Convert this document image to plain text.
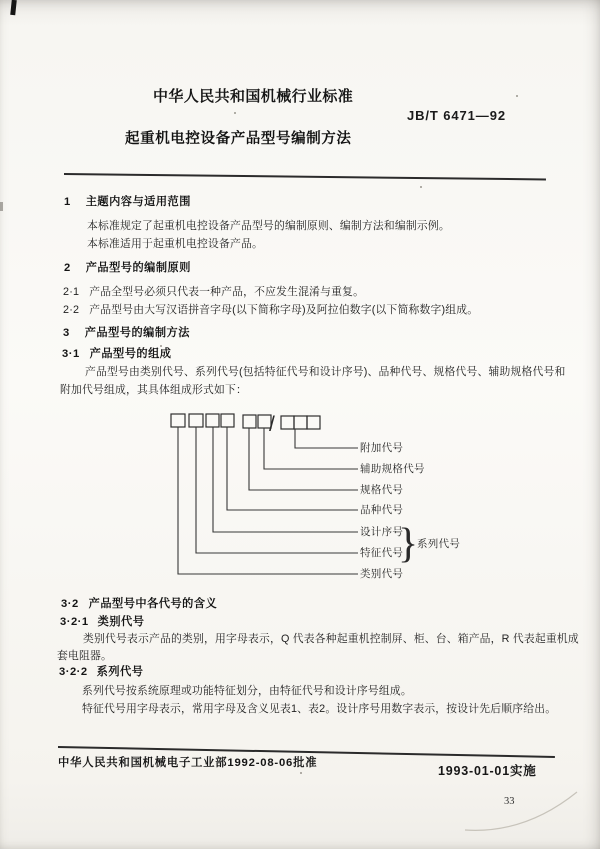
中华人民共和国机械行业标准
JB/T 6471—92
起重机电控设备产品型号编制方法
1 主题内容与适用范围
本标准规定了起重机电控设备产品型号的编制原则、编制方法和编制示例。
本标准适用于起重机电控设备产品。
2 产品型号的编制原则
2·1 产品全型号必须只代表一种产品，不应发生混淆与重复。
2·2 产品型号由大写汉语拼音字母(以下简称字母)及阿拉伯数字(以下简称数字)组成。
3 产品型号的编制方法
3·1 产品型号的组成
产品型号由类别代号、系列代号(包括特征代号和设计序号)、品种代号、规格代号、辅助规格代号和
附加代号组成，其具体组成形式如下：
/
}
附加代号
辅助规格代号
规格代号
品种代号
设计序号
特征代号
系列代号
类别代号
3·2 产品型号中各代号的含义
3·2·1 类别代号
类别代号表示产品的类别，用字母表示，Q 代表各种起重机控制屏、柜、台、箱产品，R 代表起重机成
套电阻器。
3·2·2 系列代号
系列代号按系统原理或功能特征划分，由特征代号和设计序号组成。
特征代号用字母表示，常用字母及含义见表1、表2。设计序号用数字表示，按设计先后顺序给出。
中华人民共和国机械电子工业部1992-08-06批准
1993-01-01实施
33
